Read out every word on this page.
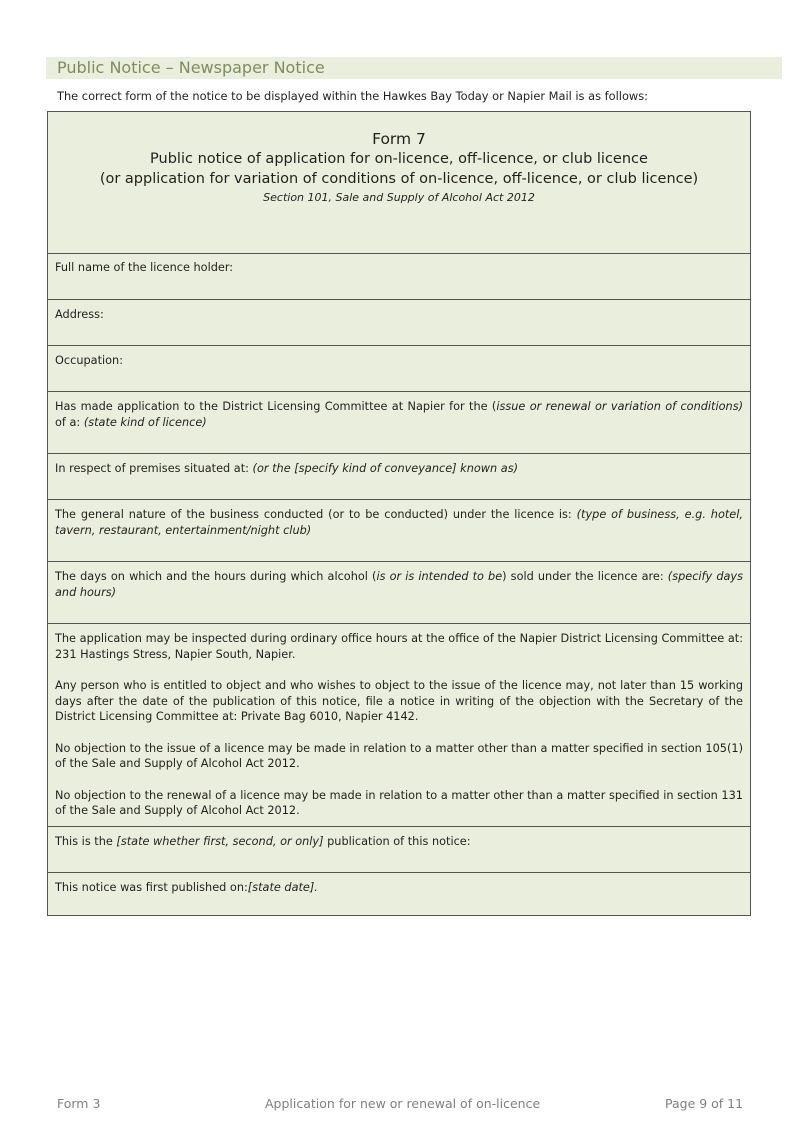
Public Notice – Newspaper Notice
The correct form of the notice to be displayed within the Hawkes Bay Today or Napier Mail is as follows:
Form 7
Public notice of application for on-licence, off-licence, or club licence
(or application for variation of conditions of on-licence, off-licence, or club licence)
Section 101, Sale and Supply of Alcohol Act 2012
Full name of the licence holder:
Address:
Occupation:
Has made application to the District Licensing Committee at Napier for the (issue or renewal or variation of conditions) of a: (state kind of licence)
In respect of premises situated at: (or the [specify kind of conveyance] known as)
The general nature of the business conducted (or to be conducted) under the licence is: (type of business, e.g. hotel, tavern, restaurant, entertainment/night club)
The days on which and the hours during which alcohol (is or is intended to be) sold under the licence are: (specify days and hours)

The application may be inspected during ordinary office hours at the office of the Napier District Licensing Committee at: 231 Hastings Stress, Napier South, Napier.

Any person who is entitled to object and who wishes to object to the issue of the licence may, not later than 15 working days after the date of the publication of this notice, file a notice in writing of the objection with the Secretary of the District Licensing Committee at: Private Bag 6010, Napier 4142.

No objection to the issue of a licence may be made in relation to a matter other than a matter specified in section 105(1) of the Sale and Supply of Alcohol Act 2012.

No objection to the renewal of a licence may be made in relation to a matter other than a matter specified in section 131 of the Sale and Supply of Alcohol Act 2012.

This is the [state whether first, second, or only] publication of this notice:
This notice was first published on:[state date].
Form 3	Application for new or renewal of on-licence	Page 9 of 11
